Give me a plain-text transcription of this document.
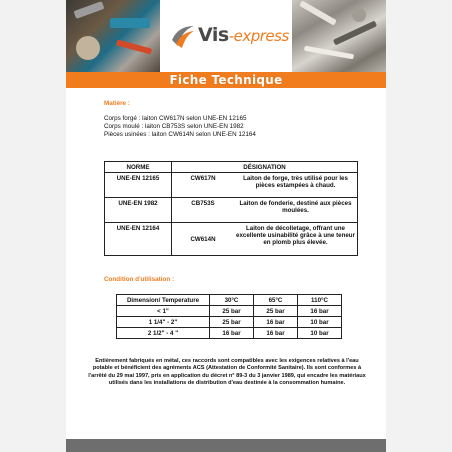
Vis-express
Fiche Technique
Matière :
Corps forgé : laiton CW617N selon UNE-EN 12165
Corps moulé : laiton CB753S selon UNE-EN 1982
Pièces usinées : laiton CW614N selon UNE-EN 12164
NORME	DÉSIGNATION	
UNE-EN 12165	CW617N	Laiton de forge, très utilisé pour les pièces estampées à chaud.
UNE-EN 1982	CB753S	Laiton de fonderie, destiné aux pièces moulées.
UNE-EN 12164	CW614N	Laiton de décolletage, offrant une excellente usinabilité grâce à une teneur en plomb plus élevée.
Condition d'utilisation :
Dimension/ Temperature	30°C	65°C	110°C
< 1"	25 bar	25 bar	16 bar
1 1/4" - 2"	25 bar	16 bar	10 bar
2 1/2" - 4 "	16 bar	16 bar	10 bar
Entièrement fabriqués en métal, ces raccords sont compatibles avec les exigences relatives à l'eau potable et bénéficient des agréments ACS (Attestation de Conformité Sanitaire). Ils sont conformes à l'arrêté du 29 mai 1997, pris en application du décret n° 89-3 du 3 janvier 1989, qui encadre les matériaux utilisés dans les installations de distribution d'eau destinée à la consommation humaine.
